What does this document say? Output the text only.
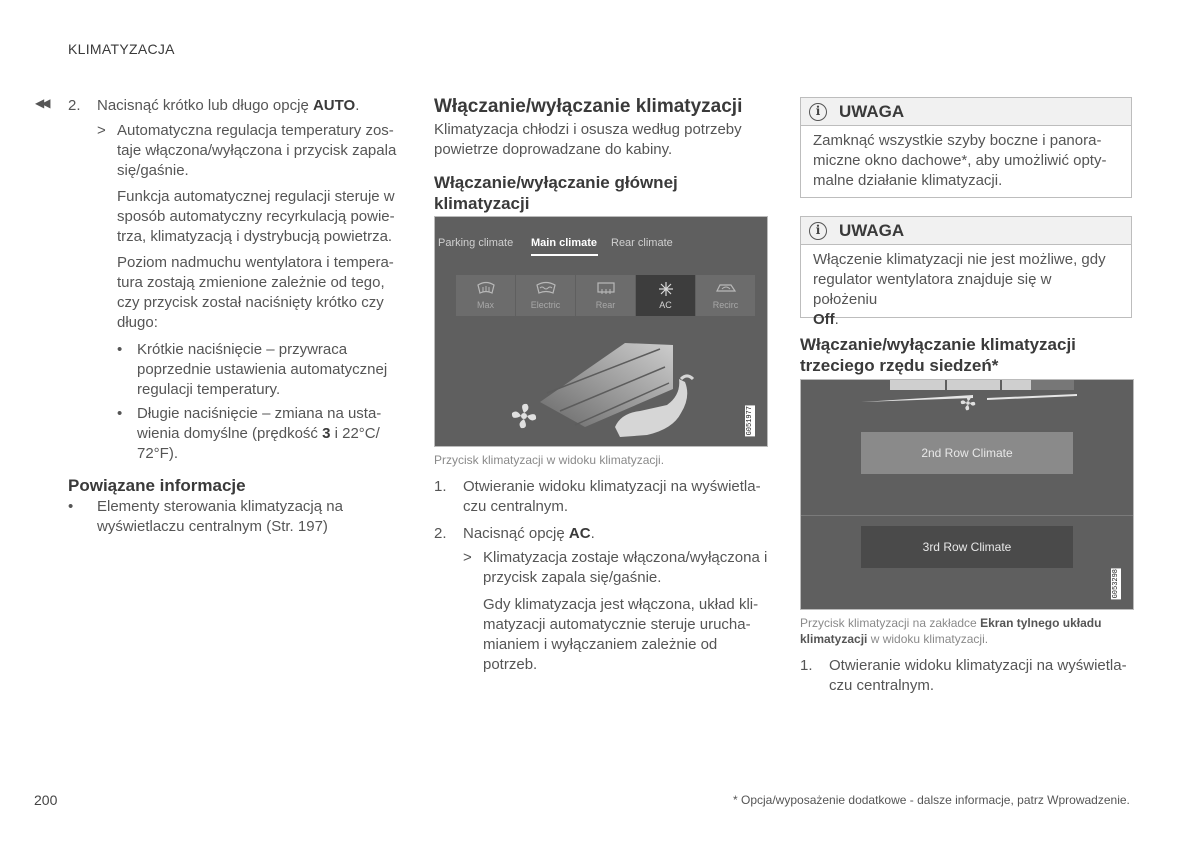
KLIMATYZACJA
◀◀ 2. Nacisnąć krótko lub długo opcję AUTO.
> Automatyczna regulacja temperatury zos-
taje włączona/wyłączona i przycisk zapala
się/gaśnie.
Funkcja automatycznej regulacji steruje w
sposób automatyczny recyrkulacją powie-
trza, klimatyzacją i dystrybucją powietrza.
Poziom nadmuchu wentylatora i tempera-
tura zostają zmienione zależnie od tego,
czy przycisk został naciśnięty krótko czy
długo:
• Krótkie naciśnięcie – przywraca
poprzednie ustawienia automatycznej
regulacji temperatury.
• Długie naciśnięcie – zmiana na usta-
wienia domyślne (prędkość 3 i 22°C/
72°F).
Powiązane informacje
• Elementy sterowania klimatyzacją na
wyświetlaczu centralnym (Str. 197)
Włączanie/wyłączanie klimatyzacji
Klimatyzacja chłodzi i osusza według potrzeby
powietrze doprowadzane do kabiny.
Włączanie/wyłączanie głównej
klimatyzacji
Parking climate Main climate Rear climate
Max	Electric	Rear	AC	Recirc
G051977
Przycisk klimatyzacji w widoku klimatyzacji.
1. Otwieranie widoku klimatyzacji na wyświetla-
czu centralnym.
2. Nacisnąć opcję AC.
> Klimatyzacja zostaje włączona/wyłączona i
przycisk zapala się/gaśnie.
Gdy klimatyzacja jest włączona, układ kli-
matyzacji automatycznie steruje urucha-
mianiem i wyłączaniem zależnie od
potrzeb.
i	UWAGA
Zamknąć wszystkie szyby boczne i panora-
miczne okno dachowe*, aby umożliwić opty-
malne działanie klimatyzacji.
i	UWAGA
Włączenie klimatyzacji nie jest możliwe, gdy
regulator wentylatora znajduje się w położeniu
Off.
Włączanie/wyłączanie klimatyzacji
trzeciego rzędu siedzeń*
2nd Row Climate
3rd Row Climate
G053298
Przycisk klimatyzacji na zakładce Ekran tylnego układu
klimatyzacji w widoku klimatyzacji.
1. Otwieranie widoku klimatyzacji na wyświetla-
czu centralnym.
200	* Opcja/wyposażenie dodatkowe - dalsze informacje, patrz Wprowadzenie.
